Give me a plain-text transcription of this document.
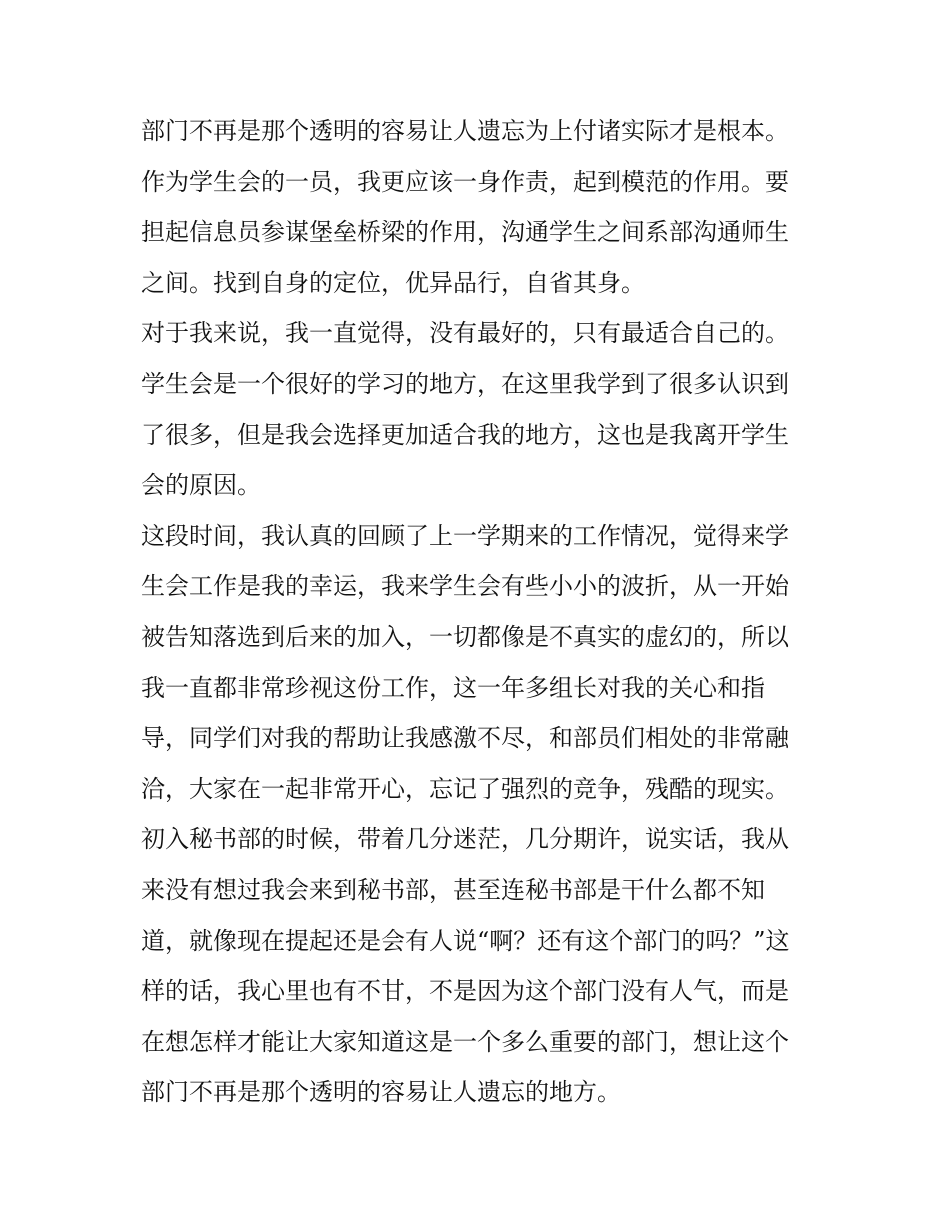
部门不再是那个透明的容易让人遗忘为上付诸实际才是根本。
作为学生会的一员，我更应该一身作责，起到模范的作用。要
担起信息员参谋堡垒桥梁的作用，沟通学生之间系部沟通师生
之间。找到自身的定位，优异品行，自省其身。
对于我来说，我一直觉得，没有最好的，只有最适合自己的。
学生会是一个很好的学习的地方，在这里我学到了很多认识到
了很多，但是我会选择更加适合我的地方，这也是我离开学生
会的原因。
这段时间，我认真的回顾了上一学期来的工作情况，觉得来学
生会工作是我的幸运，我来学生会有些小小的波折，从一开始
被告知落选到后来的加入，一切都像是不真实的虚幻的，所以
我一直都非常珍视这份工作，这一年多组长对我的关心和指
导，同学们对我的帮助让我感激不尽，和部员们相处的非常融
洽，大家在一起非常开心，忘记了强烈的竞争，残酷的现实。
初入秘书部的时候，带着几分迷茫，几分期许，说实话，我从
来没有想过我会来到秘书部，甚至连秘书部是干什么都不知
道，就像现在提起还是会有人说“啊？还有这个部门的吗？”这
样的话，我心里也有不甘，不是因为这个部门没有人气，而是
在想怎样才能让大家知道这是一个多么重要的部门，想让这个
部门不再是那个透明的容易让人遗忘的地方。
